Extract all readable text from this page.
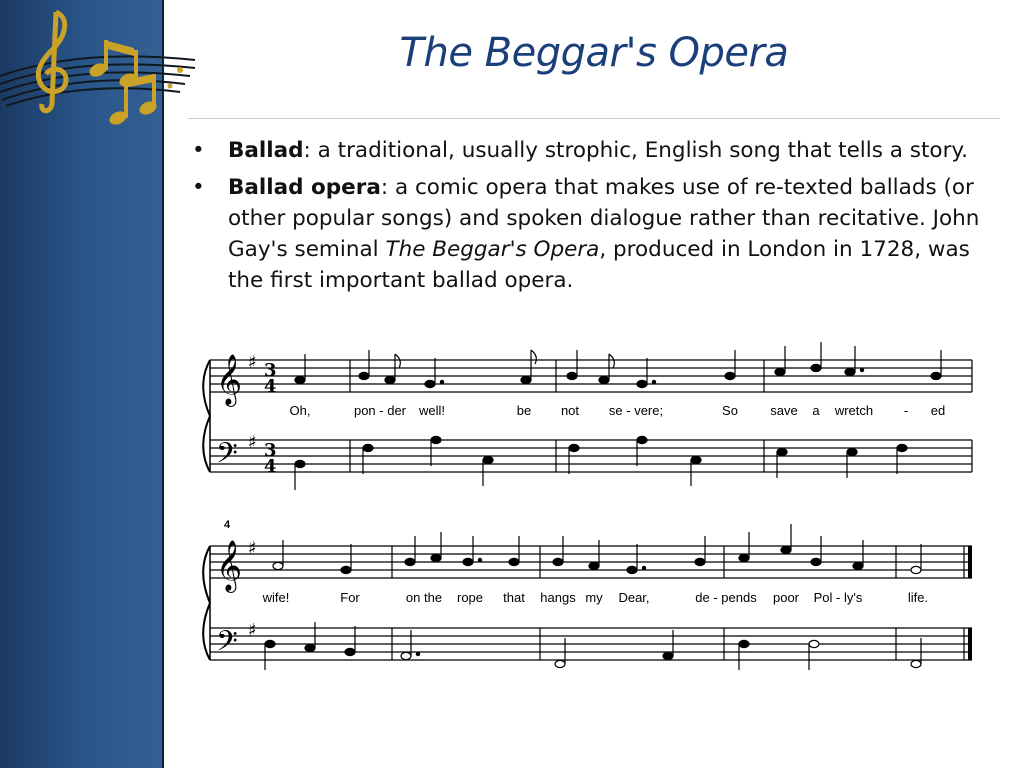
The Beggar's Opera
• Ballad: a traditional, usually strophic, English song that tells a story.
• Ballad opera: a comic opera that makes use of re-texted ballads (or other popular songs) and spoken dialogue rather than recitative. John Gay's seminal The Beggar's Opera, produced in London in 1728, was the first important ballad opera.
𝄞
𝄢
♯
♯
3
4
3
4
Oh,	pon - der well!	be not se - vere;	So save a wretch - ed
4
𝄞
𝄢
♯
♯
wife!	For	on the rope that hangs my Dear,	de - pends poor Pol - ly's	life.
